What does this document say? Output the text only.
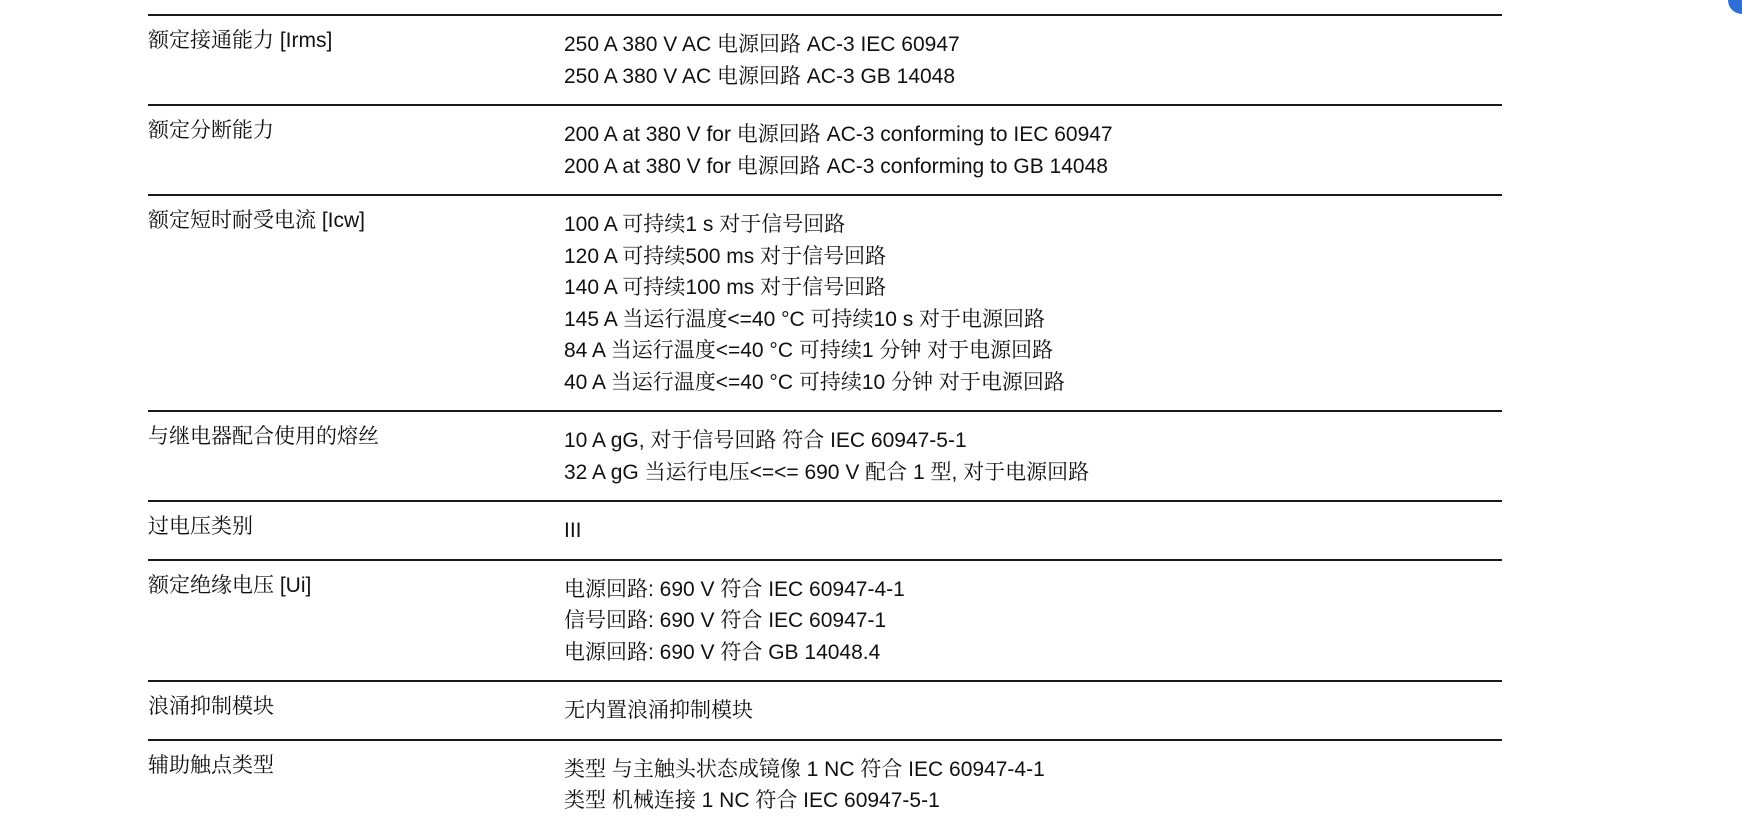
额定接通能力 [Irms]	250 A 380 V AC 电源回路 AC-3 IEC 60947
250 A 380 V AC 电源回路 AC-3 GB 14048
额定分断能力	200 A at 380 V for 电源回路 AC-3 conforming to IEC 60947
200 A at 380 V for 电源回路 AC-3 conforming to GB 14048
额定短时耐受电流 [Icw]	100 A 可持续1 s 对于信号回路
120 A 可持续500 ms 对于信号回路
140 A 可持续100 ms 对于信号回路
145 A 当运行温度<=40 °C 可持续10 s 对于电源回路
84 A 当运行温度<=40 °C 可持续1 分钟 对于电源回路
40 A 当运行温度<=40 °C 可持续10 分钟 对于电源回路
与继电器配合使用的熔丝	10 A gG, 对于信号回路 符合 IEC 60947-5-1
32 A gG 当运行电压<=<= 690 V 配合 1 型, 对于电源回路
过电压类别	III
额定绝缘电压 [Ui]	电源回路: 690 V 符合 IEC 60947-4-1
信号回路: 690 V 符合 IEC 60947-1
电源回路: 690 V 符合 GB 14048.4
浪涌抑制模块	无内置浪涌抑制模块
辅助触点类型	类型 与主触头状态成镜像 1 NC 符合 IEC 60947-4-1
类型 机械连接 1 NC 符合 IEC 60947-5-1
